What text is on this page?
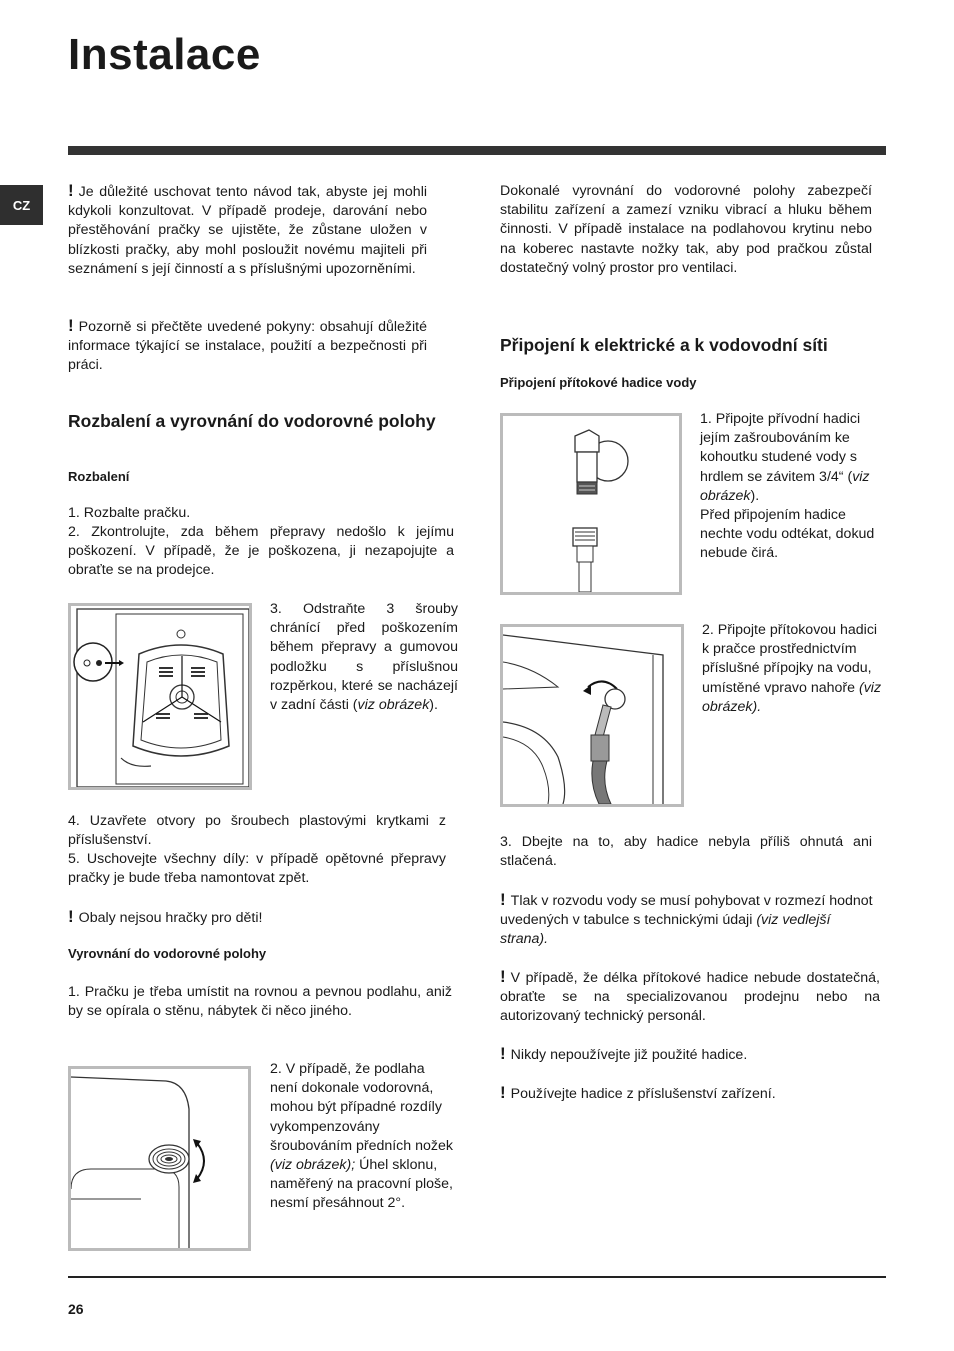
Instalace
CZ

! Je důležité uschovat tento návod tak, abyste jej mohli kdykoli konzultovat. V případě prodeje, darování nebo přestěhování pračky se ujistěte, že zůstane uložen v blízkosti pračky, aby mohl posloužit novému majiteli při seznámení s její činností a s příslušnými upozorněními.

! Pozorně si přečtěte uvedené pokyny: obsahují důležité informace týkající se instalace, použití a bezpečnosti při práci.

Rozbalení a vyrovnání do vodorovné polohy
Rozbalení

1. Rozbalte pračku.

2. Zkontrolujte, zda během přepravy nedošlo k jejímu poškození. V případě, že je poškozena, ji nezapojujte a obraťte se na prodejce.

3. Odstraňte 3 šrouby chránící před poškozením během přepravy a gumovou podložku s příslušnou rozpěrkou, které se nacházejí v zadní části (viz obrázek).

4. Uzavřete otvory po šroubech plastovými krytkami z příslušenství.

5. Uschovejte všechny díly: v případě opětovné přepravy pračky je bude třeba namontovat zpět.

! Obaly nejsou hračky pro děti!

Vyrovnání do vodorovné polohy

1. Pračku je třeba umístit na rovnou a pevnou podlahu, aniž by se opírala o stěnu, nábytek či něco jiného.

2. V případě, že podlaha není dokonale vodorovná, mohou být případné rozdíly vykompenzovány šroubováním předních nožek (viz obrázek); Úhel sklonu, naměřený na pracovní ploše, nesmí přesáhnout 2°.

Dokonalé vyrovnání do vodorovné polohy zabezpečí stabilitu zařízení a zamezí vzniku vibrací a hluku během činnosti. V případě instalace na podlahovou krytinu nebo na koberec nastavte nožky tak, aby pod pračkou zůstal dostatečný volný prostor pro ventilaci.

Připojení k elektrické a k vodovodní síti
Připojení přítokové hadice vody

1. Připojte přívodní hadici jejím zašroubováním ke kohoutku studené vody s hrdlem se závitem 3/4“ (viz obrázek).
Před připojením hadice nechte vodu odtékat, dokud nebude čirá.

2. Připojte přítokovou hadici k pračce prostřednictvím příslušné přípojky na vodu, umístěné vpravo nahoře (viz obrázek).

3. Dbejte na to, aby hadice nebyla příliš ohnutá ani stlačená.

! Tlak v rozvodu vody se musí pohybovat v rozmezí hodnot uvedených v tabulce s technickými údaji (viz vedlejší strana).

! V případě, že délka přítokové hadice nebude dostatečná, obraťte se na specializovanou prodejnu nebo na autorizovaný technický personál.

! Nikdy nepoužívejte již použité hadice.

! Používejte hadice z příslušenství zařízení.

26
